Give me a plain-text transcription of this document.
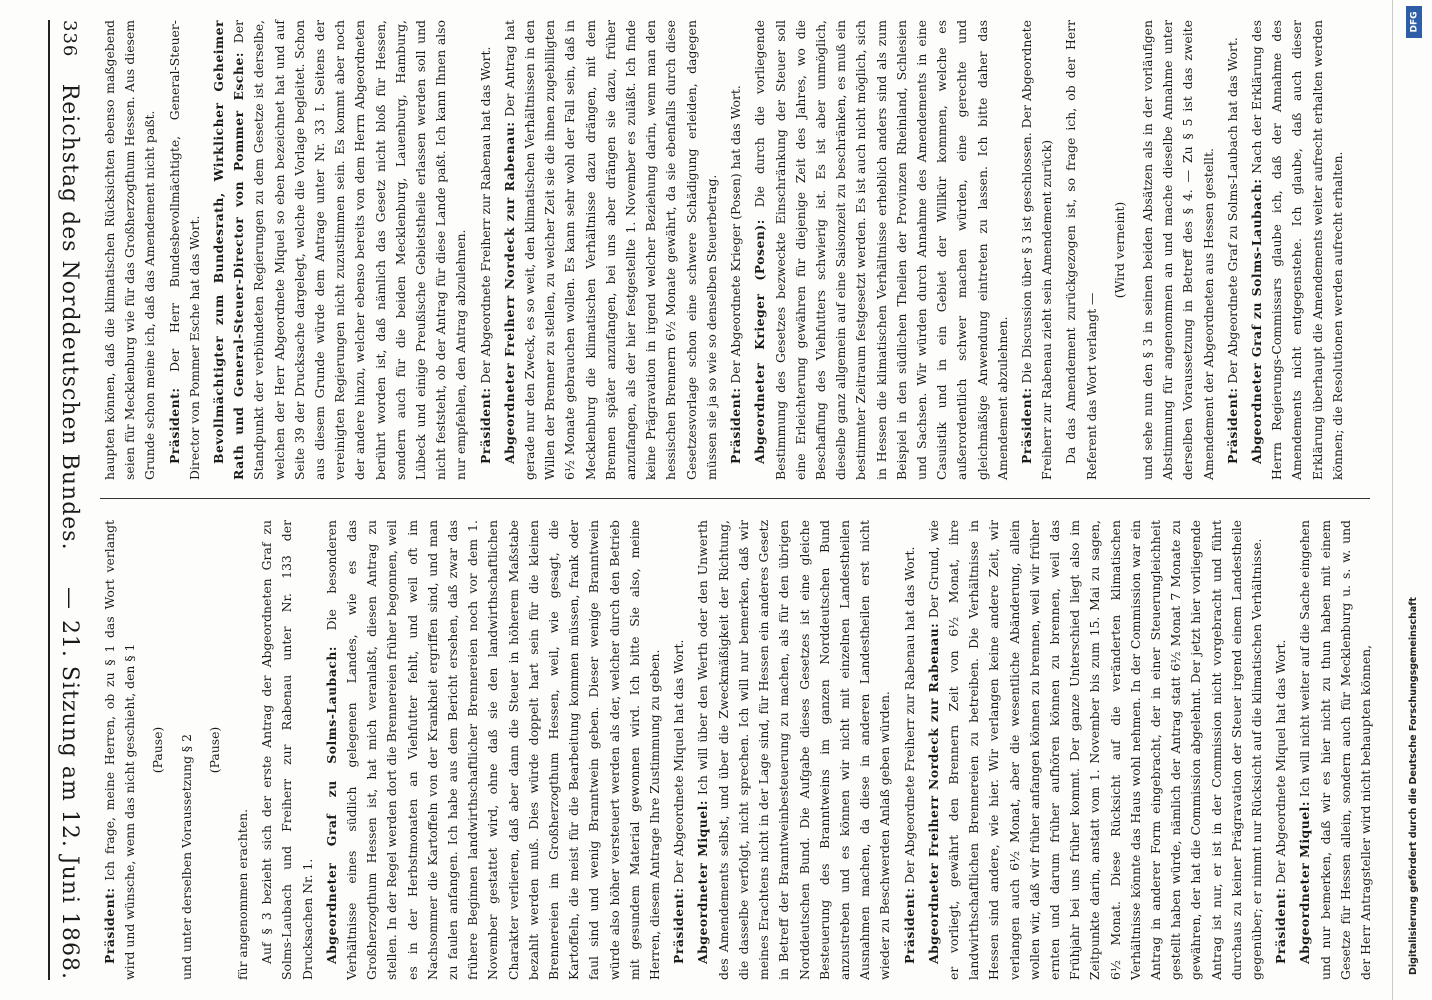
336
Reichstag des Norddeutschen Bundes.
—
21. Sitzung am 12. Juni 1868. Präsident: Ich frage, meine Herren, ob zu § 1 das Wort verlangt wird und wünsche, wenn das nicht geschieht, den § 1 (Pause) und unter derselben Voraussetzung § 2 (Pause)

für angenommen erachten. Auf § 3 bezieht sich der erste Antrag der Abgeordneten Graf zu Solms-Laubach und Freiherr zur Rabenau unter Nr. 133 der Drucksachen Nr. 1. Abgeordneter Graf zu Solms-Laubach: Die besonderen Verhältnisse eines südlich gelegenen Landes, wie es das Großherzogthum Hessen ist, hat mich veranlaßt, diesen Antrag zu stellen. In der Regel werden dort die Brennereien früher begonnen, weil es in der Herbstmonaten an Viehfutter fehlt, und weil oft im Nachsommer die Kartoffeln von der Krankheit ergriffen sind, und man zu faulen anfangen. Ich habe aus dem Bericht ersehen, daß zwar das frühere Beginnen landwirthschaftlicher Brennereien noch vor dem 1. November gestattet wird, ohne daß sie den landwirthschaftlichen Charakter verlieren, daß aber dann die Steuer in höherem Maßstabe bezahlt werden muß. Dies würde doppelt hart sein für die kleinen Brennereien im Großherzogthum Hessen, weil, wie gesagt, die Kartoffeln, die meist für die Bearbeitung kommen müssen, frank oder faul sind und wenig Branntwein geben. Dieser wenige Branntwein würde also höher versteuert werden als der, welcher durch den Betrieb mit gesundem Material gewonnen wird. Ich bitte Sie also, meine Herren, diesem Antrage Ihre Zustimmung zu geben. Präsident: Der Abgeordnete Miquel hat das Wort. Abgeordneter Miquel: Ich will über den Werth oder den Unwerth des Amendements selbst, und über die Zweckmäßigkeit der Richtung, die dasselbe verfolgt, nicht sprechen. Ich will nur bemerken, daß wir meines Erachtens nicht in der Lage sind, für Hessen ein anderes Gesetz in Betreff der Branntweinbesteuerung zu machen, als für den übrigen Norddeutschen Bund. Die Aufgabe dieses Gesetzes ist eine gleiche Besteuerung des Branntweins im ganzen Norddeutschen Bund anzustreben und es können wir nicht mit einzelnen Landestheilen Ausnahmen machen, da diese in anderen Landestheilen erst nicht wieder zu Beschwerden Anlaß geben würden. Präsident: Der Abgeordnete Freiherr zur Rabenau hat das Wort. Abgeordneter Freiherr Nordeck zur Rabenau: Der Grund, wie er vorliegt, gewährt den Brennern Zeit von 6½ Monat, ihre landwirthschaftlichen Brennereien zu betreiben. Die Verhältnisse in Hessen sind andere, wie hier. Wir verlangen keine andere Zeit, wir verlangen auch 6½ Monat, aber die wesentliche Abänderung, allein wollen wir, daß wir früher anfangen können zu brennen, weil wir früher ernten und darum früher aufhören können zu brennen, weil das Frühjahr bei uns früher kommt. Der ganze Unterschied liegt also im Zeitpunkte darin, anstatt vom 1. November bis zum 15. Mai zu sagen, 6½ Monat. Diese Rücksicht auf die veränderten klimatischen Verhältnisse könnte das Haus wohl nehmen. In der Commission war ein Antrag in anderer Form eingebracht, der in einer Steuerungleichheit gestellt haben würde, nämlich der Antrag statt 6½ Monat 7 Monate zu gewähren, der hat die Commission abgelehnt. Der jetzt hier vorliegende Antrag ist nur, er ist in der Commission nicht vorgebracht und führt durchaus zu keiner Prägravation der Steuer irgend einem Landestheile gegenüber; er nimmt nur Rücksicht auf die klimatischen Verhältnisse. Präsident: Der Abgeordnete Miquel hat das Wort. Abgeordneter Miquel: Ich will nicht weiter auf die Sache eingehen und nur bemerken, daß wir es hier nicht zu thun haben mit einem Gesetze für Hessen allein, sondern auch für Mecklenburg u. s. w. und der Herr Antragsteller wird nicht behaupten können,

haupten können, daß die klimatischen Rücksichten ebenso maßgebend seien für Mecklenburg wie für das Großherzogthum Hessen. Aus diesem Grunde schon meine ich, daß das Amendement nicht paßt. Präsident: Der Herr Bundesbevollmächtigte, General-Steuer-Director von Pommer Esche hat das Wort. Bevollmächtigter zum Bundesrath, Wirklicher Geheimer Rath und General-Steuer-Director von Pommer Esche: Der Standpunkt der verbündeten Regierungen zu dem Gesetze ist derselbe, welchen der Herr Abgeordnete Miquel so eben bezeichnet hat und auf Seite 39 der Drucksache dargelegt, welche die Vorlage begleitet. Schon aus diesem Grunde würde dem Antrage unter Nr. 33 I. Seitens der vereinigten Regierungen nicht zuzustimmen sein. Es kommt aber noch der andere hinzu, welcher ebenso bereits von dem Herrn Abgeordneten berührt worden ist, daß nämlich das Gesetz nicht bloß für Hessen, sondern auch für die beiden Mecklenburg, Lauenburg, Hamburg, Lübeck und einige Preußische Gebietstheile erlassen werden soll und nicht feststeht, ob der Antrag für diese Lande paßt. Ich kann Ihnen also nur empfehlen, den Antrag abzulehnen. Präsident: Der Abgeordnete Freiherr zur Rabenau hat das Wort. Abgeordneter Freiherr Nordeck zur Rabenau: Der Antrag hat gerade nur den Zweck, es so weit, den klimatischen Verhältnissen in den Willen der Brenner zu stellen, zu welcher Zeit sie die ihnen zugebilligten 6½ Monate gebrauchen wollen. Es kann sehr wohl der Fall sein, daß in Mecklenburg die klimatischen Verhältnisse dazu drängen, mit dem Brennen später anzufangen, bei uns aber drängen sie dazu, früher anzufangen, als der hier festgestellte 1. November es zuläßt. Ich finde keine Prägravation in irgend welcher Beziehung darin, wenn man den hessischen Brennern 6½ Monate gewährt, da sie ebenfalls durch diese Gesetzesvorlage schon eine schwere Schädigung erleiden, dagegen müssen sie ja so wie so denselben Steuerbetrag. Präsident: Der Abgeordnete Krieger (Posen) hat das Wort. Abgeordneter Krieger (Posen): Die durch die vorliegende Bestimmung des Gesetzes bezweckte Einschränkung der Steuer soll eine Erleichterung gewähren für diejenige Zeit des Jahres, wo die Beschaffung des Viehfutters schwierig ist. Es ist aber unmöglich, dieselbe ganz allgemein auf eine Saisonzeit zu beschränken, es muß ein bestimmter Zeitraum festgesetzt werden. Es ist auch nicht möglich, sich in Hessen die klimatischen Verhältnisse erheblich anders sind als zum Beispiel in den südlichen Theilen der Provinzen Rheinland, Schlesien und Sachsen. Wir würden durch Annahme des Amendements in eine Casuistik und in ein Gebiet der Willkür kommen, welche es außerordentlich schwer machen würden, eine gerechte und gleichmäßige Anwendung eintreten zu lassen. Ich bitte daher das Amendement abzulehnen. Präsident: Die Discussion über § 3 ist geschlossen. Der Abgeordnete Freiherr zur Rabenau zieht sein Amendement zurück) Da das Amendement zurückgezogen ist, so frage ich, ob der Herr Referent das Wort verlangt —

(Wird verneint) und sehe nun den § 3 in seinen beiden Absätzen als in der vorläufigen Abstimmung für angenommen an und mache dieselbe Annahme unter derselben Voraussetzung in Betreff des § 4. — Zu § 5 ist das zweite Amendement der Abgeordneten aus Hessen gestellt. Präsident: Der Abgeordnete Graf zu Solms-Laubach hat das Wort. Abgeordneter Graf zu Solms-Laubach: Nach der Erklärung des Herrn Regierungs-Commissars glaube ich, daß der Annahme des Amendements nicht entgegenstehe. Ich glaube, daß auch dieser Erklärung überhaupt die Amendements weiter aufrecht erhalten werden können; die Resolutionen werden aufrecht erhalten.

DFG
Digitalisierung gefördert durch die Deutsche Forschungsgemeinschaft
